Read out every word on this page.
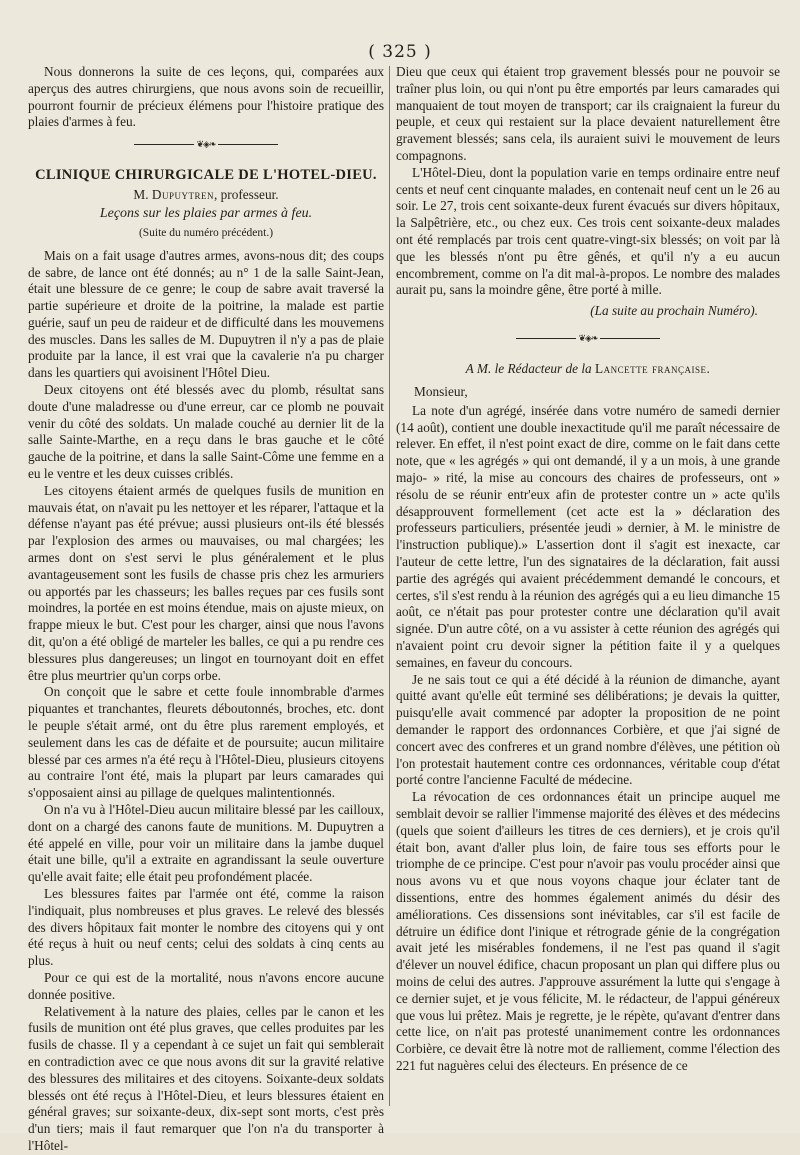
( 325 )

Nous donnerons la suite de ces leçons, qui, comparées aux aperçus des autres chirurgiens, que nous avons soin de recueillir, pourront fournir de précieux élémens pour l'histoire pratique des plaies d'armes à feu.

❦◈❧
CLINIQUE CHIRURGICALE DE L'HOTEL-DIEU.
M. Dupuytren, professeur.
Leçons sur les plaies par armes à feu.
(Suite du numéro précédent.)

Mais on a fait usage d'autres armes, avons-nous dit; des coups de sabre, de lance ont été donnés; au n° 1 de la salle Saint-Jean, était une blessure de ce genre; le coup de sabre avait traversé la partie supérieure et droite de la poitrine, la malade est partie guérie, sauf un peu de raideur et de difficulté dans les mouvemens des muscles. Dans les salles de M. Dupuytren il n'y a pas de plaie produite par la lance, il est vrai que la cavalerie n'a pu charger dans les quartiers qui avoisinent l'Hôtel Dieu.

Deux citoyens ont été blessés avec du plomb, résultat sans doute d'une maladresse ou d'une erreur, car ce plomb ne pouvait venir du côté des soldats. Un malade couché au dernier lit de la salle Sainte-Marthe, en a reçu dans le bras gauche et le côté gauche de la poitrine, et dans la salle Saint-Côme une femme en a eu le ventre et les deux cuisses criblés.

Les citoyens étaient armés de quelques fusils de munition en mauvais état, on n'avait pu les nettoyer et les réparer, l'attaque et la défense n'ayant pas été prévue; aussi plusieurs ont-ils été blessés par l'explosion des armes ou mauvaises, ou mal chargées; les armes dont on s'est servi le plus généralement et le plus avantageusement sont les fusils de chasse pris chez les armuriers ou apportés par les chasseurs; les balles reçues par ces fusils sont moindres, la portée en est moins étendue, mais on ajuste mieux, on frappe mieux le but. C'est pour les charger, ainsi que nous l'avons dit, qu'on a été obligé de marteler les balles, ce qui a pu rendre ces blessures plus dangereuses; un lingot en tournoyant doit en effet être plus meurtrier qu'un corps orbe.

On conçoit que le sabre et cette foule innombrable d'armes piquantes et tranchantes, fleurets déboutonnés, broches, etc. dont le peuple s'était armé, ont du être plus rarement employés, et seulement dans les cas de défaite et de poursuite; aucun militaire blessé par ces armes n'a été reçu à l'Hôtel-Dieu, plusieurs citoyens au contraire l'ont été, mais la plupart par leurs camarades qui s'opposaient ainsi au pillage de quelques malintentionnés.

On n'a vu à l'Hôtel-Dieu aucun militaire blessé par les cailloux, dont on a chargé des canons faute de munitions. M. Dupuytren a été appelé en ville, pour voir un militaire dans la jambe duquel était une bille, qu'il a extraite en agrandissant la seule ouverture qu'elle avait faite; elle était peu profondément placée.

Les blessures faites par l'armée ont été, comme la raison l'indiquait, plus nombreuses et plus graves. Le relevé des blessés des divers hôpitaux fait monter le nombre des citoyens qui y ont été reçus à huit ou neuf cents; celui des soldats à cinq cents au plus.

Pour ce qui est de la mortalité, nous n'avons encore aucune donnée positive.

Relativement à la nature des plaies, celles par le canon et les fusils de munition ont été plus graves, que celles produites par les fusils de chasse. Il y a cependant à ce sujet un fait qui semblerait en contradiction avec ce que nous avons dit sur la gravité relative des blessures des militaires et des citoyens. Soixante-deux soldats blessés ont été reçus à l'Hôtel-Dieu, et leurs blessures étaient en général graves; sur soixante-deux, dix-sept sont morts, c'est près d'un tiers; mais il faut remarquer que l'on n'a du transporter à l'Hôtel-

Dieu que ceux qui étaient trop gravement blessés pour ne pouvoir se traîner plus loin, ou qui n'ont pu être emportés par leurs camarades qui manquaient de tout moyen de transport; car ils craignaient la fureur du peuple, et ceux qui restaient sur la place devaient naturellement être gravement blessés; sans cela, ils auraient suivi le mouvement de leurs compagnons.

L'Hôtel-Dieu, dont la population varie en temps ordinaire entre neuf cents et neuf cent cinquante malades, en contenait neuf cent un le 26 au soir. Le 27, trois cent soixante-deux furent évacués sur divers hôpitaux, la Salpêtrière, etc., ou chez eux. Ces trois cent soixante-deux malades ont été remplacés par trois cent quatre-vingt-six blessés; on voit par là que les blessés n'ont pu être gênés, et qu'il n'y a eu aucun encombrement, comme on l'a dit mal-à-propos. Le nombre des malades aurait pu, sans la moindre gêne, être porté à mille.

(La suite au prochain Numéro).
❦◈❧
A M. le Rédacteur de la Lancette française.

Monsieur,

La note d'un agrégé, insérée dans votre numéro de samedi dernier (14 août), contient une double inexactitude qu'il me paraît nécessaire de relever. En effet, il n'est point exact de dire, comme on le fait dans cette note, que « les agrégés » qui ont demandé, il y a un mois, à une grande majo- » rité, la mise au concours des chaires de professeurs, ont » résolu de se réunir entr'eux afin de protester contre un » acte qu'ils désapprouvent formellement (cet acte est la » déclaration des professeurs particuliers, présentée jeudi » dernier, à M. le ministre de l'instruction publique).» L'assertion dont il s'agit est inexacte, car l'auteur de cette lettre, l'un des signataires de la déclaration, fait aussi partie des agrégés qui avaient précédemment demandé le concours, et certes, s'il s'est rendu à la réunion des agrégés qui a eu lieu dimanche 15 août, ce n'était pas pour protester contre une déclaration qu'il avait signée. D'un autre côté, on a vu assister à cette réunion des agrégés qui n'avaient point cru devoir signer la pétition faite il y a quelques semaines, en faveur du concours.

Je ne sais tout ce qui a été décidé à la réunion de dimanche, ayant quitté avant qu'elle eût terminé ses délibérations; je devais la quitter, puisqu'elle avait commencé par adopter la proposition de ne point demander le rapport des ordonnances Corbière, et que j'ai signé de concert avec des confreres et un grand nombre d'élèves, une pétition où l'on protestait hautement contre ces ordonnances, véritable coup d'état porté contre l'ancienne Faculté de médecine.

La révocation de ces ordonnances était un principe auquel me semblait devoir se rallier l'immense majorité des élèves et des médecins (quels que soient d'ailleurs les titres de ces derniers), et je crois qu'il était bon, avant d'aller plus loin, de faire tous ses efforts pour le triomphe de ce principe. C'est pour n'avoir pas voulu procéder ainsi que nous avons vu et que nous voyons chaque jour éclater tant de dissentions, entre des hommes également animés du désir des améliorations. Ces dissensions sont inévitables, car s'il est facile de détruire un édifice dont l'inique et rétrograde génie de la congrégation avait jeté les misérables fondemens, il ne l'est pas quand il s'agit d'élever un nouvel édifice, chacun proposant un plan qui differe plus ou moins de celui des autres. J'approuve assurément la lutte qui s'engage à ce dernier sujet, et je vous félicite, M. le rédacteur, de l'appui généreux que vous lui prêtez. Mais je regrette, je le répète, qu'avant d'entrer dans cette lice, on n'ait pas protesté unanimement contre les ordonnances Corbière, ce devait être là notre mot de ralliement, comme l'élection des 221 fut naguères celui des électeurs. En présence de ce
